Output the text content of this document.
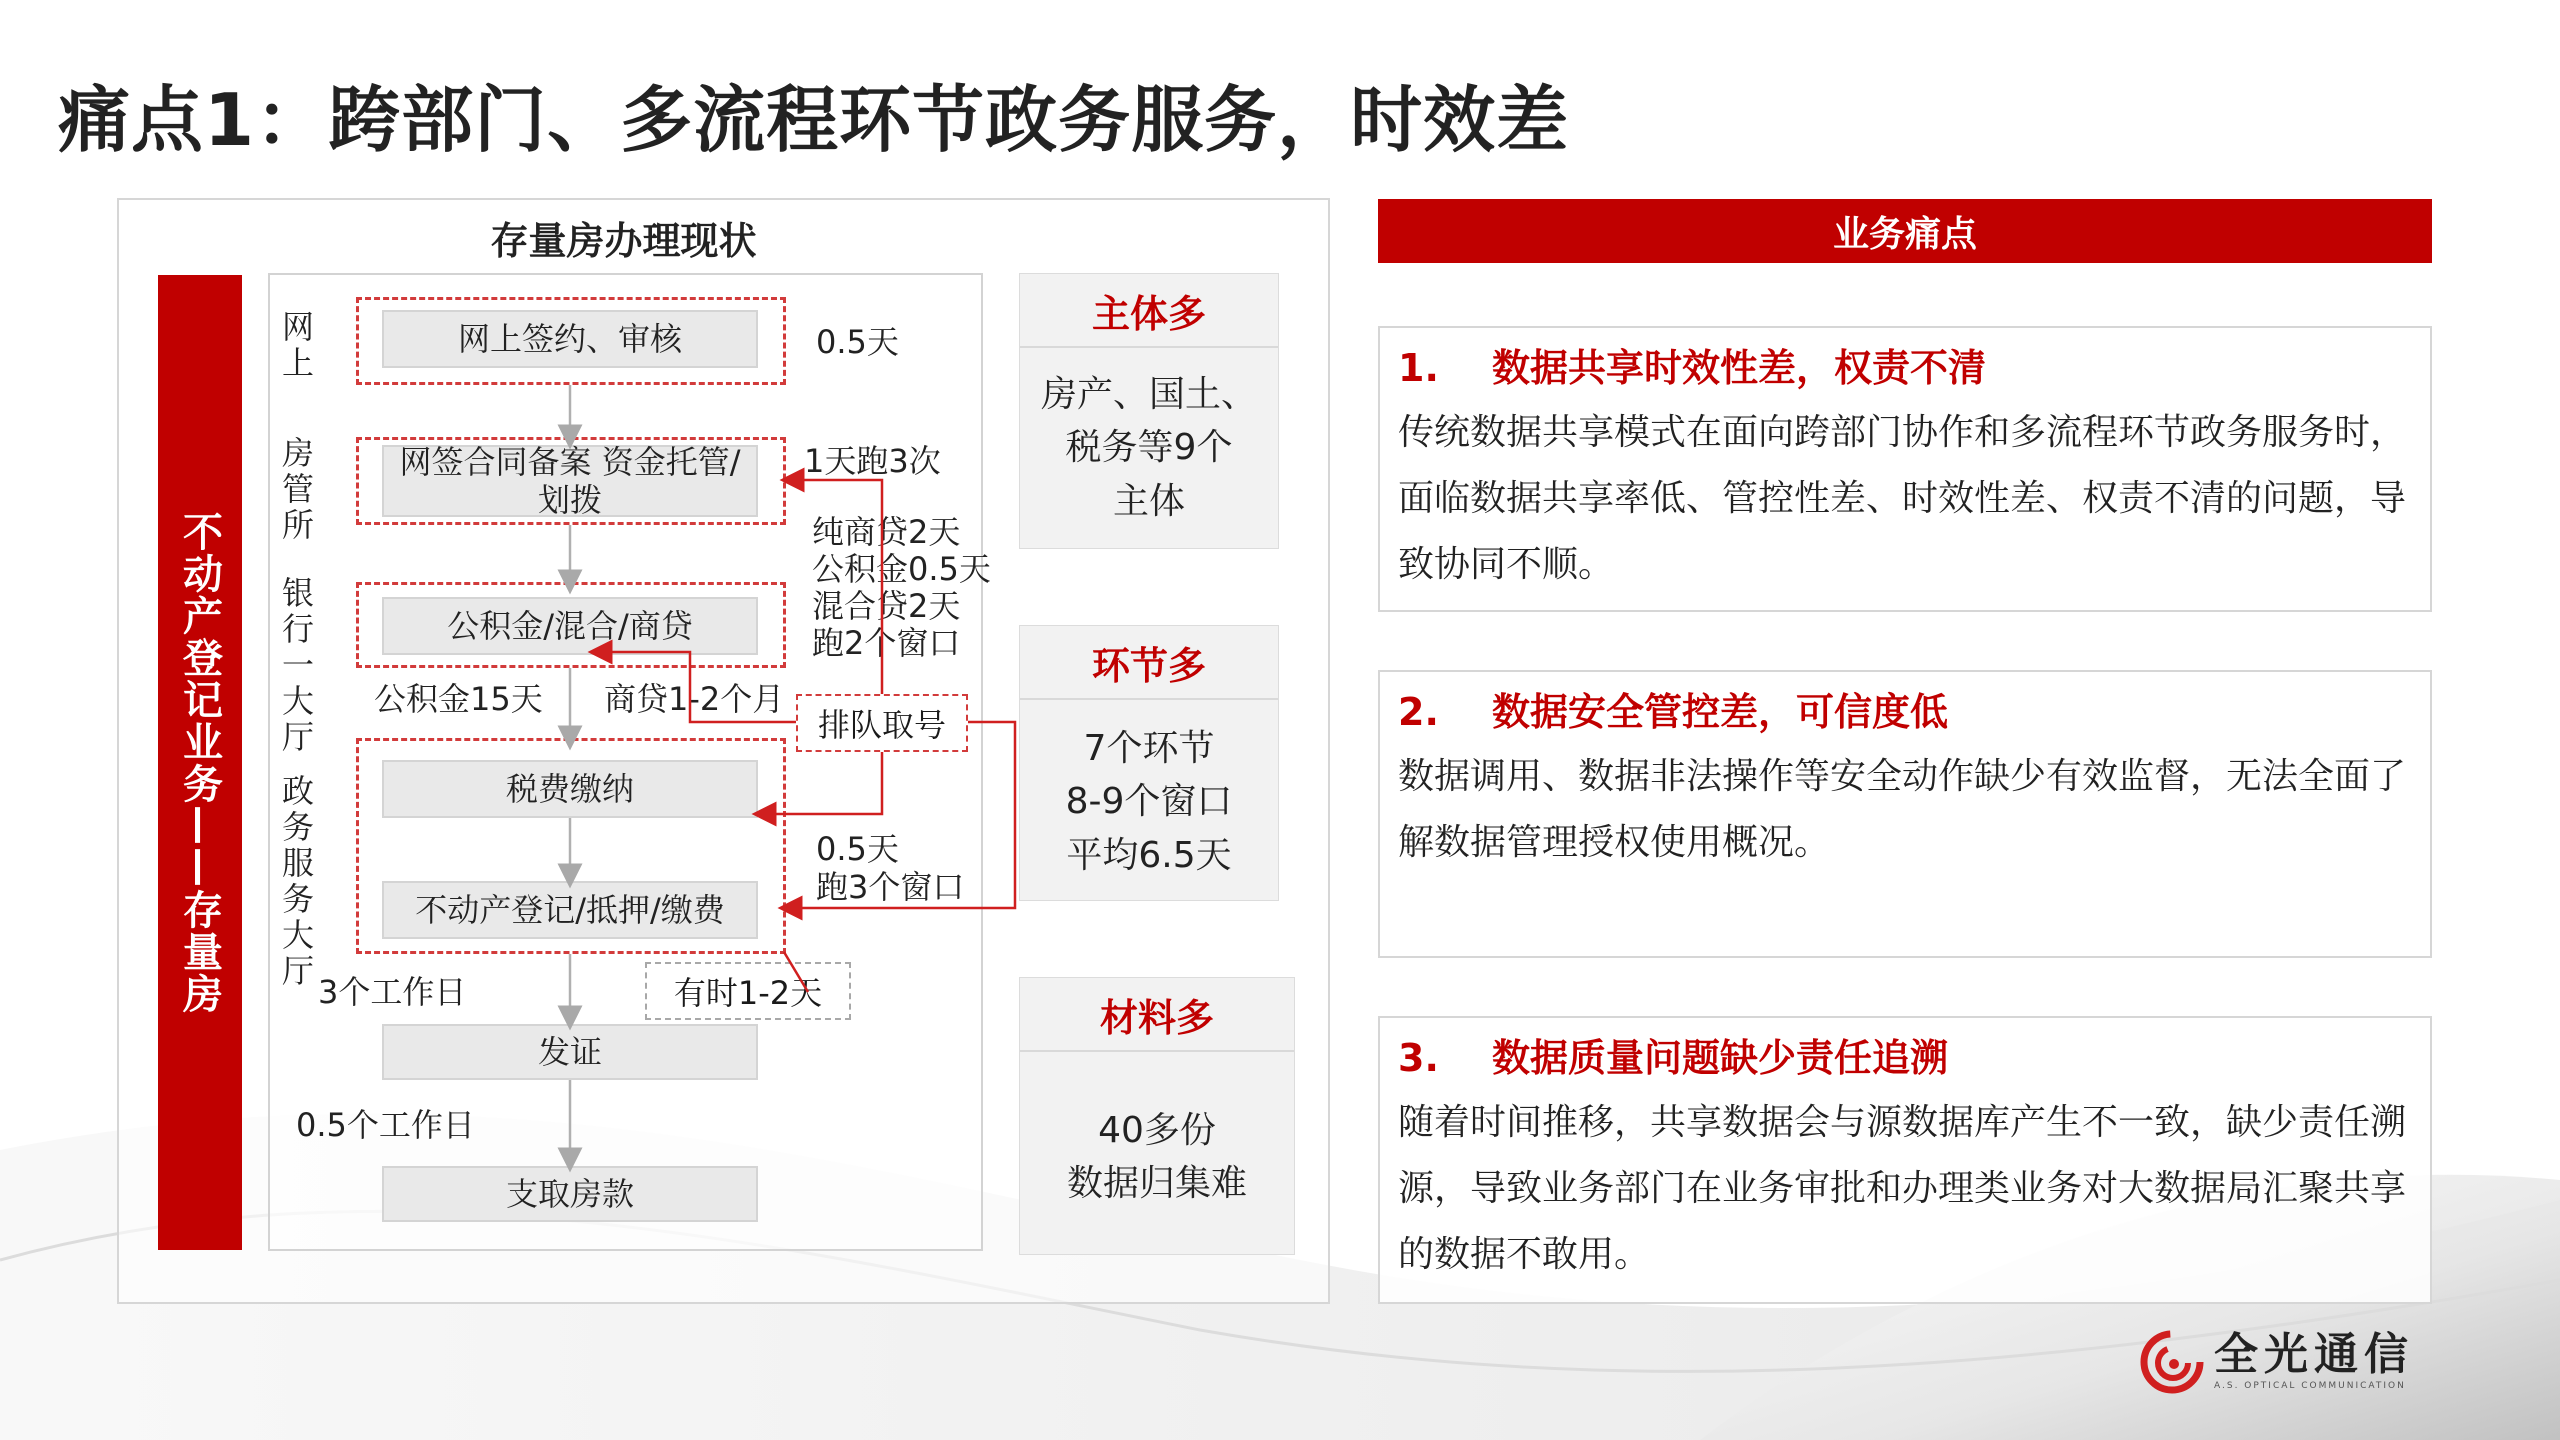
痛点1：跨部门、多流程环节政务服务，时效差
存量房办理现状
不动产登记业务——存量房
网上
房管所
银行一大厅
政务服务大厅
网上签约、审核
网签合同备案 资金托管/划拨
公积金/混合/商贷
税费缴纳
不动产登记/抵押/缴费
发证
支取房款
排队取号
0.5天
1天跑3次
纯商贷2天
公积金0.5天
混合贷2天
跑2个窗口
公积金15天 商贷1-2个月
0.5天
跑3个窗口
3个工作日	有时1-2天
0.5个工作日
主体多
房产、国土、
税务等9个
主体
环节多
7个环节
8-9个窗口
平均6.5天
材料多
40多份
数据归集难
业务痛点
1. 数据共享时效性差，权责不清
传统数据共享模式在面向跨部门协作和多流程环节政务服务时，面临数据共享率低、管控性差、时效性差、权责不清的问题，导致协同不顺。
2. 数据安全管控差，可信度低
数据调用、数据非法操作等安全动作缺少有效监督，无法全面了解数据管理授权使用概况。
3. 数据质量问题缺少责任追溯
随着时间推移，共享数据会与源数据库产生不一致，缺少责任溯源，导致业务部门在业务审批和办理类业务对大数据局汇聚共享的数据不敢用。
全光通信
A.S. OPTICAL COMMUNICATION
